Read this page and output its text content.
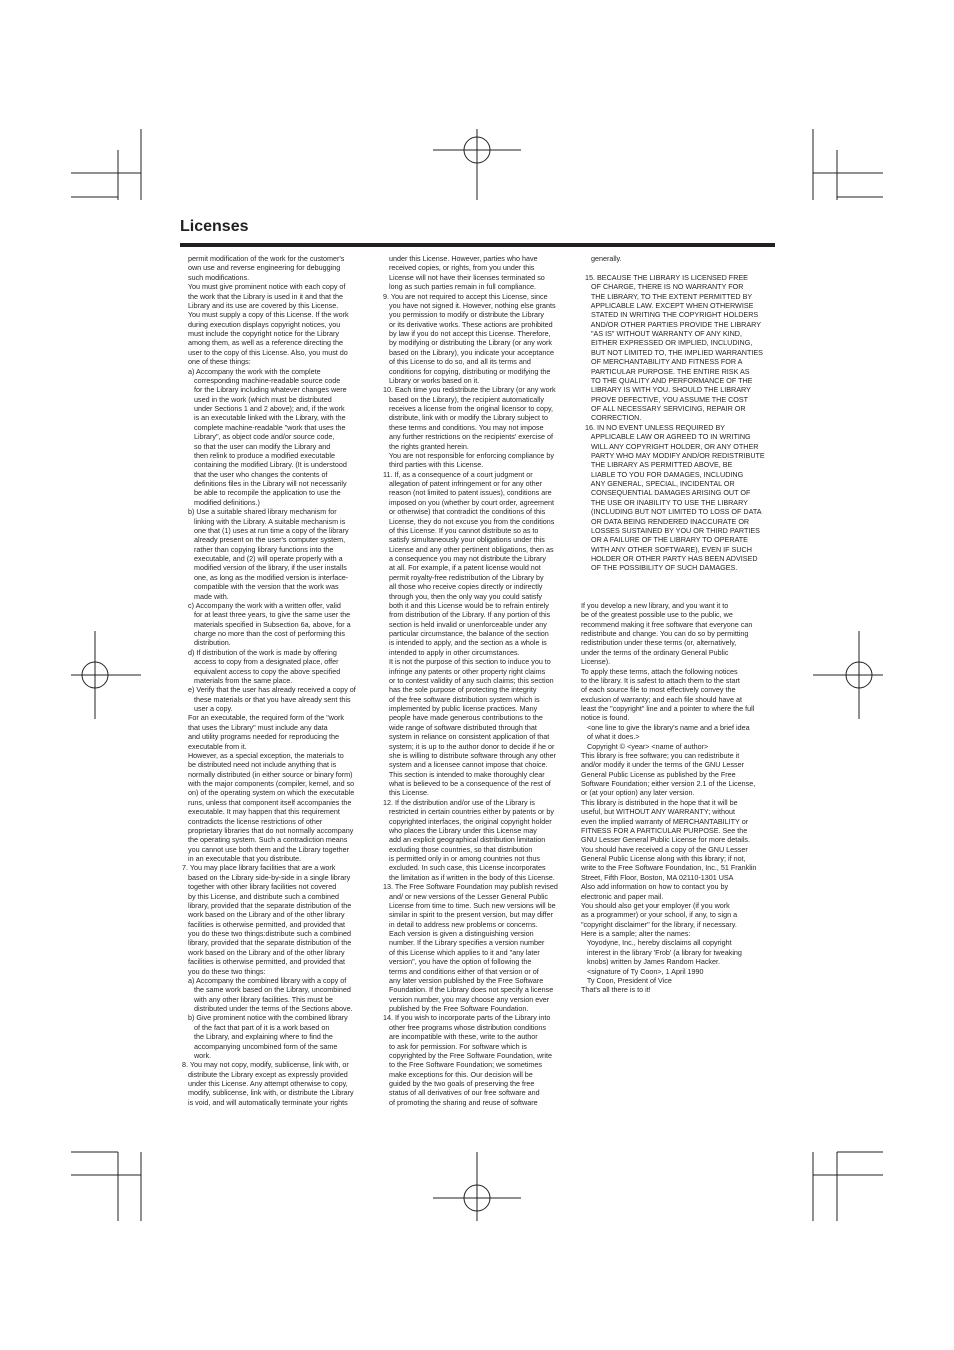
Licenses

permit modification of the work for the customer's

own use and reverse engineering for debugging

such modifications.

You must give prominent notice with each copy of

the work that the Library is used in it and that the

Library and its use are covered by this License.

You must supply a copy of this License. If the work

during execution displays copyright notices, you

must include the copyright notice for the Library

among them, as well as a reference directing the

user to the copy of this License. Also, you must do

one of these things:

a) Accompany the work with the complete

corresponding machine-readable source code

for the Library including whatever changes were

used in the work (which must be distributed

under Sections 1 and 2 above); and, if the work

is an executable linked with the Library, with the

complete machine-readable "work that uses the

Library", as object code and/or source code,

so that the user can modify the Library and

then relink to produce a modified executable

containing the modified Library. (It is understood

that the user who changes the contents of

definitions files in the Library will not necessarily

be able to recompile the application to use the

modified definitions.)

b) Use a suitable shared library mechanism for

linking with the Library. A suitable mechanism is

one that (1) uses at run time a copy of the library

already present on the user's computer system,

rather than copying library functions into the

executable, and (2) will operate properly with a

modified version of the library, if the user installs

one, as long as the modified version is interface-

compatible with the version that the work was

made with.

c) Accompany the work with a written offer, valid

for at least three years, to give the same user the

materials specified in Subsection 6a, above, for a

charge no more than the cost of performing this

distribution.

d) If distribution of the work is made by offering

access to copy from a designated place, offer

equivalent access to copy the above specified

materials from the same place.

e) Verify that the user has already received a copy of

these materials or that you have already sent this

user a copy.

For an executable, the required form of the "work

that uses the Library" must include any data

and utility programs needed for reproducing the

executable from it.

However, as a special exception, the materials to

be distributed need not include anything that is

normally distributed (in either source or binary form)

with the major components (compiler, kernel, and so

on) of the operating system on which the executable

runs, unless that component itself accompanies the

executable. It may happen that this requirement

contradicts the license restrictions of other

proprietary libraries that do not normally accompany

the operating system. Such a contradiction means

you cannot use both them and the Library together

in an executable that you distribute.

7. You may place library facilities that are a work

based on the Library side-by-side in a single library

together with other library facilities not covered

by this License, and distribute such a combined

library, provided that the separate distribution of the

work based on the Library and of the other library

facilities is otherwise permitted, and provided that

you do these two things:distribute such a combined

library, provided that the separate distribution of the

work based on the Library and of the other library

facilities is otherwise permitted, and provided that

you do these two things:

a) Accompany the combined library with a copy of

the same work based on the Library, uncombined

with any other library facilities. This must be

distributed under the terms of the Sections above.

b) Give prominent notice with the combined library

of the fact that part of it is a work based on

the Library, and explaining where to find the

accompanying uncombined form of the same

work.

8. You may not copy, modify, sublicense, link with, or

distribute the Library except as expressly provided

under this License. Any attempt otherwise to copy,

modify, sublicense, link with, or distribute the Library

is void, and will automatically terminate your rights

under this License. However, parties who have

received copies, or rights, from you under this

License will not have their licenses terminated so

long as such parties remain in full compliance.

9. You are not required to accept this License, since

you have not signed it. However, nothing else grants

you permission to modify or distribute the Library

or its derivative works. These actions are prohibited

by law if you do not accept this License. Therefore,

by modifying or distributing the Library (or any work

based on the Library), you indicate your acceptance

of this License to do so, and all its terms and

conditions for copying, distributing or modifying the

Library or works based on it.

10. Each time you redistribute the Library (or any work

based on the Library), the recipient automatically

receives a license from the original licensor to copy,

distribute, link with or modify the Library subject to

these terms and conditions. You may not impose

any further restrictions on the recipients' exercise of

the rights granted herein.

You are not responsible for enforcing compliance by

third parties with this License.

11. If, as a consequence of a court judgment or

allegation of patent infringement or for any other

reason (not limited to patent issues), conditions are

imposed on you (whether by court order, agreement

or otherwise) that contradict the conditions of this

License, they do not excuse you from the conditions

of this License. If you cannot distribute so as to

satisfy simultaneously your obligations under this

License and any other pertinent obligations, then as

a consequence you may not distribute the Library

at all. For example, if a patent license would not

permit royalty-free redistribution of the Library by

all those who receive copies directly or indirectly

through you, then the only way you could satisfy

both it and this License would be to refrain entirely

from distribution of the Library. If any portion of this

section is held invalid or unenforceable under any

particular circumstance, the balance of the section

is intended to apply, and the section as a whole is

intended to apply in other circumstances.

It is not the purpose of this section to induce you to

infringe any patents or other property right claims

or to contest validity of any such claims; this section

has the sole purpose of protecting the integrity

of the free software distribution system which is

implemented by public license practices. Many

people have made generous contributions to the

wide range of software distributed through that

system in reliance on consistent application of that

system; it is up to the author donor to decide if he or

she is willing to distribute software through any other

system and a licensee cannot impose that choice.

This section is intended to make thoroughly clear

what is believed to be a consequence of the rest of

this License.

12. If the distribution and/or use of the Library is

restricted in certain countries either by patents or by

copyrighted interfaces, the original copyright holder

who places the Library under this License may

add an explicit geographical distribution limitation

excluding those countries, so that distribution

is permitted only in or among countries not thus

excluded. In such case, this License incorporates

the limitation as if written in the body of this License.

13. The Free Software Foundation may publish revised

and/ or new versions of the Lesser General Public

License from time to time. Such new versions will be

similar in spirit to the present version, but may differ

in detail to address new problems or concerns.

Each version is given a distinguishing version

number. If the Library specifies a version number

of this License which applies to it and "any later

version", you have the option of following the

terms and conditions either of that version or of

any later version published by the Free Software

Foundation. If the Library does not specify a license

version number, you may choose any version ever

published by the Free Software Foundation.

14. If you wish to incorporate parts of the Library into

other free programs whose distribution conditions

are incompatible with these, write to the author

to ask for permission. For software which is

copyrighted by the Free Software Foundation, write

to the Free Software Foundation; we sometimes

make exceptions for this. Our decision will be

guided by the two goals of preserving the free

status of all derivatives of our free software and

of promoting the sharing and reuse of software

generally.

15. BECAUSE THE LIBRARY IS LICENSED FREE

OF CHARGE, THERE IS NO WARRANTY FOR

THE LIBRARY, TO THE EXTENT PERMITTED BY

APPLICABLE LAW. EXCEPT WHEN OTHERWISE

STATED IN WRITING THE COPYRIGHT HOLDERS

AND/OR OTHER PARTIES PROVIDE THE LIBRARY

"AS IS" WITHOUT WARRANTY OF ANY KIND,

EITHER EXPRESSED OR IMPLIED, INCLUDING,

BUT NOT LIMITED TO, THE IMPLIED WARRANTIES

OF MERCHANTABILITY AND FITNESS FOR A

PARTICULAR PURPOSE. THE ENTIRE RISK AS

TO THE QUALITY AND PERFORMANCE OF THE

LIBRARY IS WITH YOU. SHOULD THE LIBRARY

PROVE DEFECTIVE, YOU ASSUME THE COST

OF ALL NECESSARY SERVICING, REPAIR OR

CORRECTION.

16. IN NO EVENT UNLESS REQUIRED BY

APPLICABLE LAW OR AGREED TO IN WRITING

WILL ANY COPYRIGHT HOLDER, OR ANY OTHER

PARTY WHO MAY MODIFY AND/OR REDISTRIBUTE

THE LIBRARY AS PERMITTED ABOVE, BE

LIABLE TO YOU FOR DAMAGES, INCLUDING

ANY GENERAL, SPECIAL, INCIDENTAL OR

CONSEQUENTIAL DAMAGES ARISING OUT OF

THE USE OR INABILITY TO USE THE LIBRARY

(INCLUDING BUT NOT LIMITED TO LOSS OF DATA

OR DATA BEING RENDERED INACCURATE OR

LOSSES SUSTAINED BY YOU OR THIRD PARTIES

OR A FAILURE OF THE LIBRARY TO OPERATE

WITH ANY OTHER SOFTWARE), EVEN IF SUCH

HOLDER OR OTHER PARTY HAS BEEN ADVISED

OF THE POSSIBILITY OF SUCH DAMAGES.

If you develop a new library, and you want it to

be of the greatest possible use to the public, we

recommend making it free software that everyone can

redistribute and change. You can do so by permitting

redistribution under these terms (or, alternatively,

under the terms of the ordinary General Public

License).

To apply these terms, attach the following notices

to the library. It is safest to attach them to the start

of each source file to most effectively convey the

exclusion of warranty; and each file should have at

least the "copyright" line and a pointer to where the full

notice is found.

<one line to give the library's name and a brief idea

of what it does.>

Copyright © <year> <name of author>

This library is free software; you can redistribute it

and/or modify it under the terms of the GNU Lesser

General Public License as published by the Free

Software Foundation; either version 2.1 of the License,

or (at your option) any later version.

This library is distributed in the hope that it will be

useful, but WITHOUT ANY WARRANTY; without

even the implied warranty of MERCHANTABILITY or

FITNESS FOR A PARTICULAR PURPOSE. See the

GNU Lesser General Public License for more details.

You should have received a copy of the GNU Lesser

General Public License along with this library; if not,

write to the Free Software Foundation, Inc., 51 Franklin

Street, Fifth Floor, Boston, MA 02110-1301 USA

Also add information on how to contact you by

electronic and paper mail.

You should also get your employer (if you work

as a programmer) or your school, if any, to sign a

"copyright disclaimer" for the library, if necessary.

Here is a sample; alter the names:

Yoyodyne, Inc., hereby disclaims all copyright

interest in the library 'Frob' (a library for tweaking

knobs) written by James Random Hacker.

<signature of Ty Coon>, 1 April 1990

Ty Coon, President of Vice

That's all there is to it!
